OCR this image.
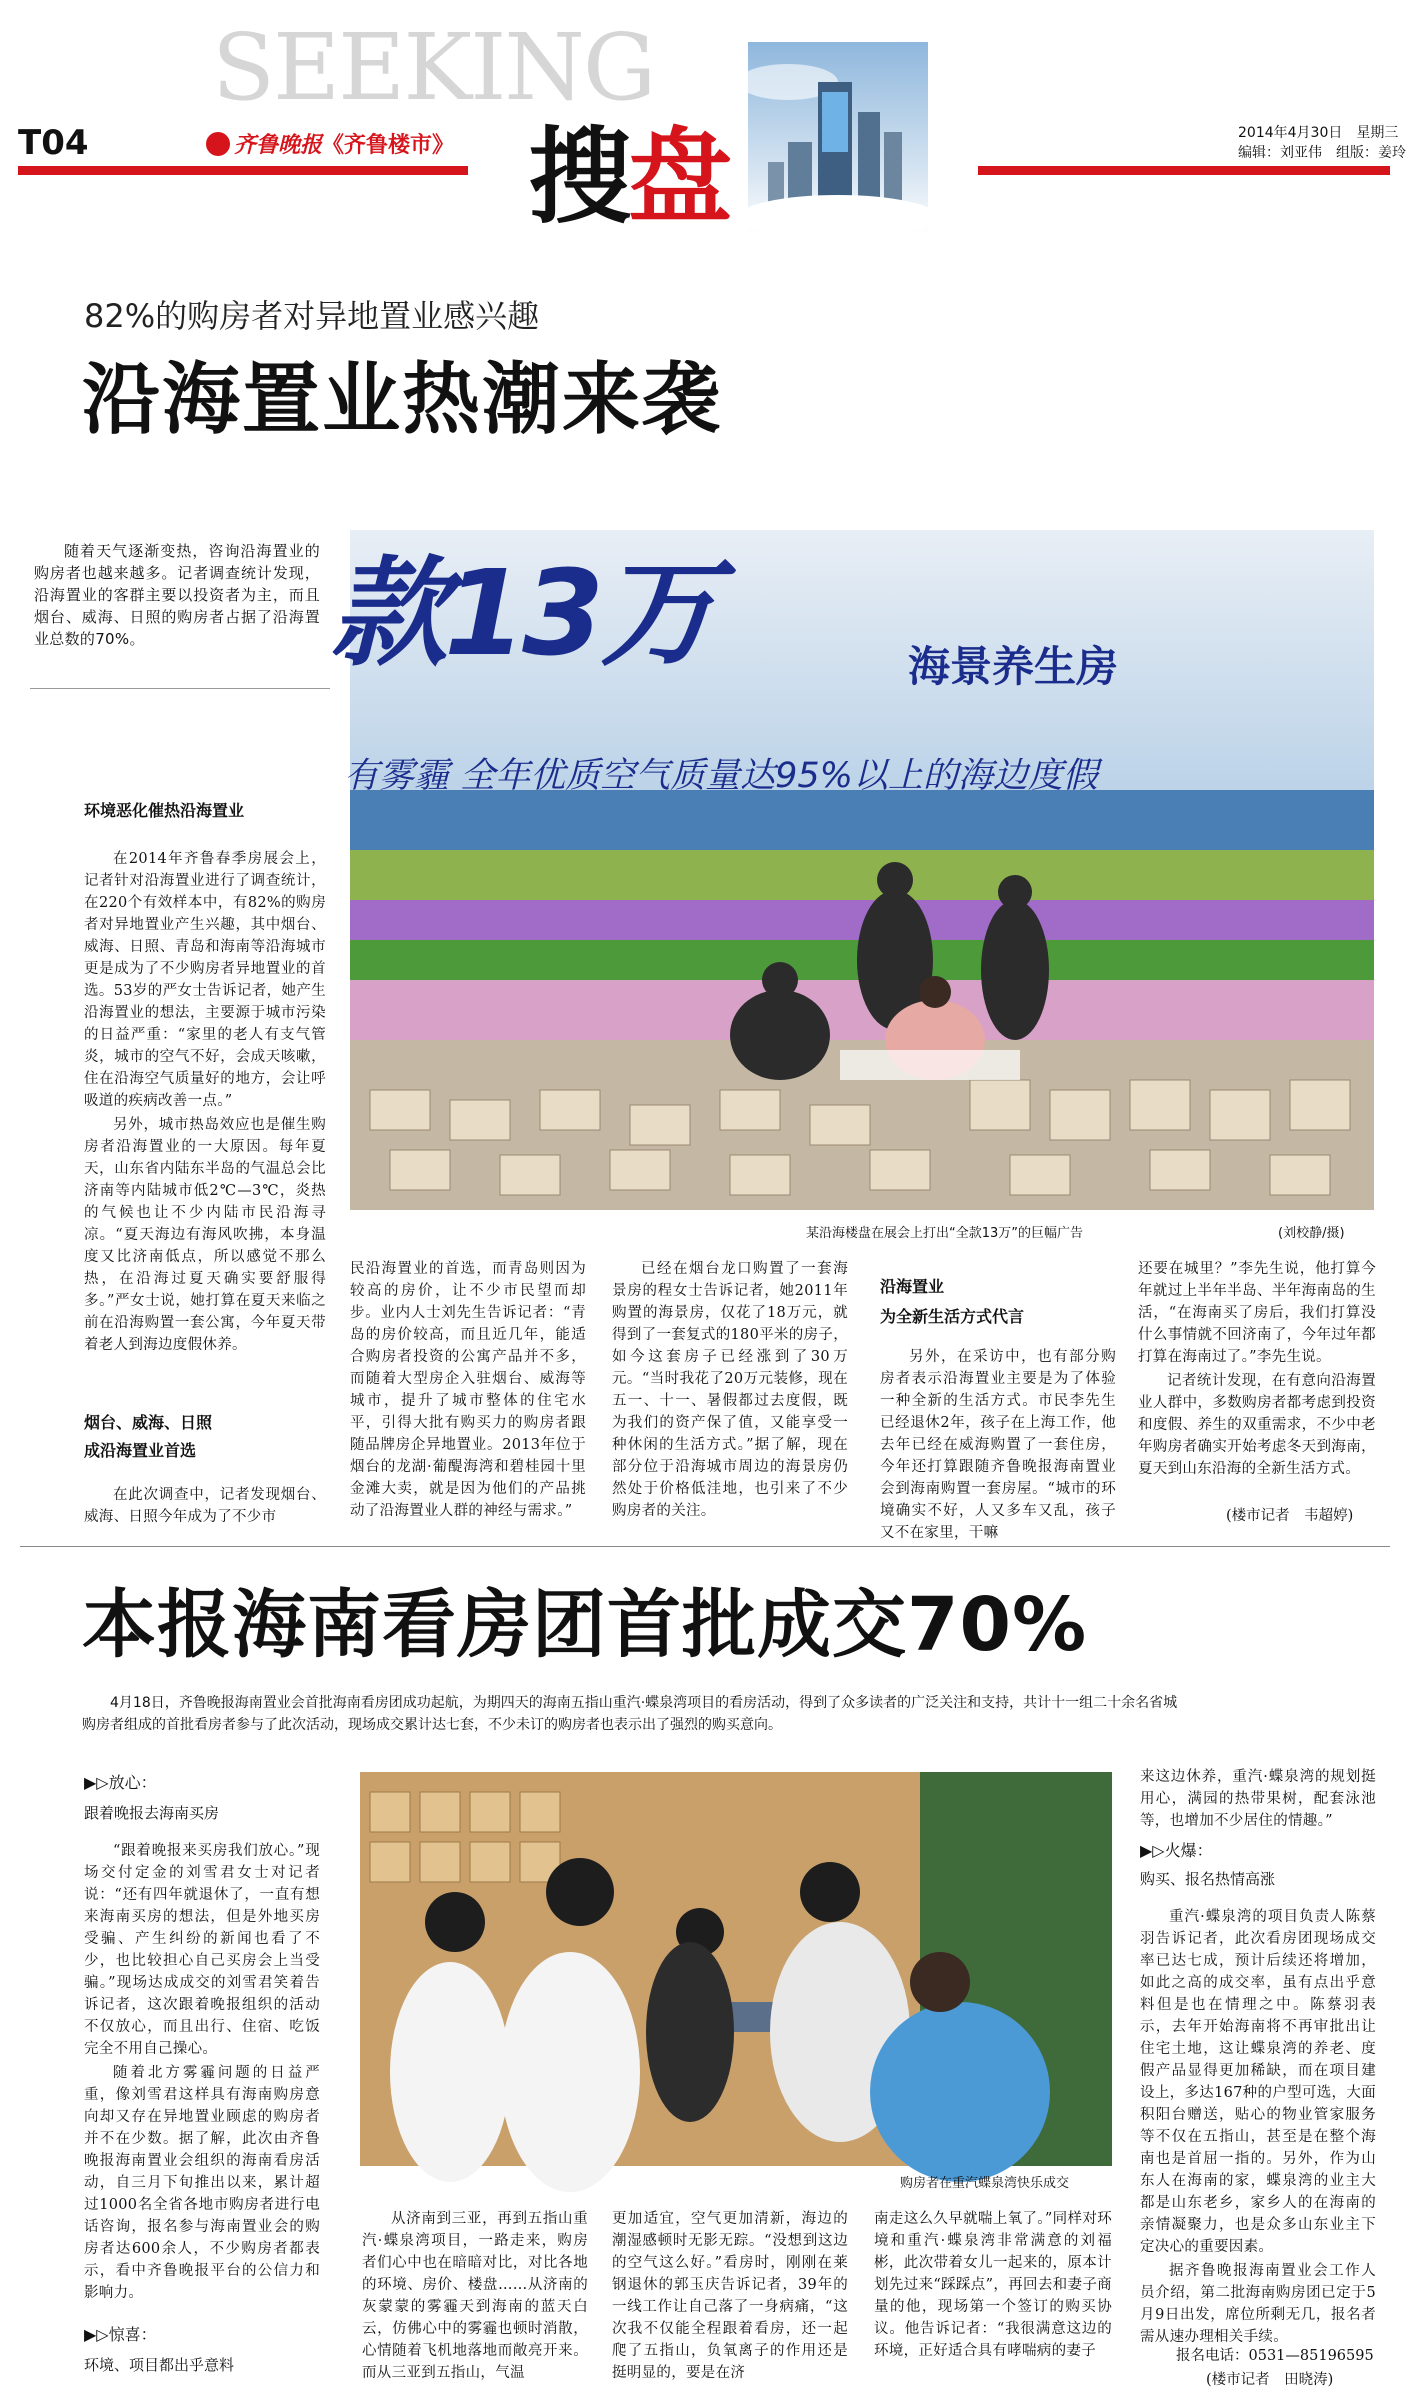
SEEKING
T04	齐鲁晚报 《齐鲁楼市》 搜盘	2014年4月30日　星期三
编辑：刘亚伟　组版：姜玲
82%的购房者对异地置业感兴趣
沿海置业热潮来袭

随着天气逐渐变热，咨询沿海置业的购房者也越来越多。记者调查统计发现，沿海置业的客群主要以投资者为主，而且烟台、威海、日照的购房者占据了沿海置业总数的70%。	款13万	海景养生房
有雾霾 全年优质空气质量达95%以上的海边度假
某沿海楼盘在展会上打出“全款13万”的巨幅广告	(刘校静/摄)
环境恶化催热沿海置业

在2014年齐鲁春季房展会上，记者针对沿海置业进行了调查统计，在220个有效样本中，有82%的购房者对异地置业产生兴趣，其中烟台、威海、日照、青岛和海南等沿海城市更是成为了不少购房者异地置业的首选。53岁的严女士告诉记者，她产生沿海置业的想法，主要源于城市污染的日益严重：“家里的老人有支气管炎，城市的空气不好，会成天咳嗽，住在沿海空气质量好的地方，会让呼吸道的疾病改善一点。”

另外，城市热岛效应也是催生购房者沿海置业的一大原因。每年夏天，山东省内陆东半岛的气温总会比济南等内陆城市低2℃—3℃，炎热的气候也让不少内陆市民沿海寻凉。“夏天海边有海风吹拂，本身温度又比济南低点，所以感觉不那么热，在沿海过夏天确实要舒服得多。”严女士说，她打算在夏天来临之前在沿海购置一套公寓，今年夏天带着老人到海边度假休养。

烟台、威海、日照
成沿海置业首选

在此次调查中，记者发现烟台、威海、日照今年成为了不少市

民沿海置业的首选，而青岛则因为较高的房价，让不少市民望而却步。业内人士刘先生告诉记者：“青岛的房价较高，而且近几年，能适合购房者投资的公寓产品并不多，而随着大型房企入驻烟台、威海等城市，提升了城市整体的住宅水平，引得大批有购买力的购房者跟随品牌房企异地置业。2013年位于烟台的龙湖·葡醍海湾和碧桂园十里金滩大卖，就是因为他们的产品挑动了沿海置业人群的神经与需求。”

已经在烟台龙口购置了一套海景房的程女士告诉记者，她2011年购置的海景房，仅花了18万元，就得到了一套复式的180平米的房子，如今这套房子已经涨到了30万元。“当时我花了20万元装修，现在五一、十一、暑假都过去度假，既为我们的资产保了值，又能享受一种休闲的生活方式。”据了解，现在部分位于沿海城市周边的海景房仍然处于价格低洼地，也引来了不少购房者的关注。

沿海置业
为全新生活方式代言

另外，在采访中，也有部分购房者表示沿海置业主要是为了体验一种全新的生活方式。市民李先生已经退休2年，孩子在上海工作，他去年已经在威海购置了一套住房，今年还打算跟随齐鲁晚报海南置业会到海南购置一套房屋。“城市的环境确实不好，人又多车又乱，孩子又不在家里，干嘛

还要在城里？”李先生说，他打算今年就过上半年半岛、半年海南岛的生活，“在海南买了房后，我们打算没什么事情就不回济南了，今年过年都打算在海南过了。”李先生说。

记者统计发现，在有意向沿海置业人群中，多数购房者都考虑到投资和度假、养生的双重需求，不少中老年购房者确实开始考虑冬天到海南，夏天到山东沿海的全新生活方式。

(楼市记者　韦超婷)
本报海南看房团首批成交70%
4月18日，齐鲁晚报海南置业会首批海南看房团成功起航，为期四天的海南五指山重汽·蝶泉湾项目的看房活动，得到了众多读者的广泛关注和支持，共计十一组二十余名省城购房者组成的首批看房者参与了此次活动，现场成交累计达七套，不少未订的购房者也表示出了强烈的购买意向。
▶▷放心：
跟着晚报去海南买房

“跟着晚报来买房我们放心。”现场交付定金的刘雪君女士对记者说：“还有四年就退休了，一直有想来海南买房的想法，但是外地买房受骗、产生纠纷的新闻也看了不少，也比较担心自己买房会上当受骗。”现场达成成交的刘雪君笑着告诉记者，这次跟着晚报组织的活动不仅放心，而且出行、住宿、吃饭完全不用自己操心。

随着北方雾霾问题的日益严重，像刘雪君这样具有海南购房意向却又存在异地置业顾虑的购房者并不在少数。据了解，此次由齐鲁晚报海南置业会组织的海南看房活动，自三月下旬推出以来，累计超过1000名全省各地市购房者进行电话咨询，报名参与海南置业会的购房者达600余人，不少购房者都表示，看中齐鲁晚报平台的公信力和影响力。

▶▷惊喜：
环境、项目都出乎意料
购房者在重汽蝶泉湾快乐成交

从济南到三亚，再到五指山重汽·蝶泉湾项目，一路走来，购房者们心中也在暗暗对比，对比各地的环境、房价、楼盘……从济南的灰蒙蒙的雾霾天到海南的蓝天白云，仿佛心中的雾霾也顿时消散，心情随着飞机地落地而敞亮开来。而从三亚到五指山，气温

更加适宜，空气更加清新，海边的潮湿感顿时无影无踪。“没想到这边的空气这么好。”看房时，刚刚在莱钢退休的郭玉庆告诉记者，39年的一线工作让自己落了一身病痛，“这次我不仅能全程跟着看房，还一起爬了五指山，负氧离子的作用还是挺明显的，要是在济

南走这么久早就喘上氧了。”同样对环境和重汽·蝶泉湾非常满意的刘福彬，此次带着女儿一起来的，原本计划先过来“踩踩点”，再回去和妻子商量的他，现场第一个签订的购买协议。他告诉记者：“我很满意这边的环境，正好适合具有哮喘病的妻子

来这边休养，重汽·蝶泉湾的规划挺用心，满园的热带果树，配套泳池等，也增加不少居住的情趣。”

▶▷火爆：
购买、报名热情高涨

重汽·蝶泉湾的项目负责人陈蔡羽告诉记者，此次看房团现场成交率已达七成，预计后续还将增加，如此之高的成交率，虽有点出乎意料但是也在情理之中。陈蔡羽表示，去年开始海南将不再审批出让住宅土地，这让蝶泉湾的养老、度假产品显得更加稀缺，而在项目建设上，多达167种的户型可选，大面积阳台赠送，贴心的物业管家服务等不仅在五指山，甚至是在整个海南也是首屈一指的。另外，作为山东人在海南的家，蝶泉湾的业主大都是山东老乡，家乡人的在海南的亲情凝聚力，也是众多山东业主下定决心的重要因素。

据齐鲁晚报海南置业会工作人员介绍，第二批海南购房团已定于5月9日出发，席位所剩无几，报名者需从速办理相关手续。

报名电话：0531—85196595
(楼市记者　田晓涛)
